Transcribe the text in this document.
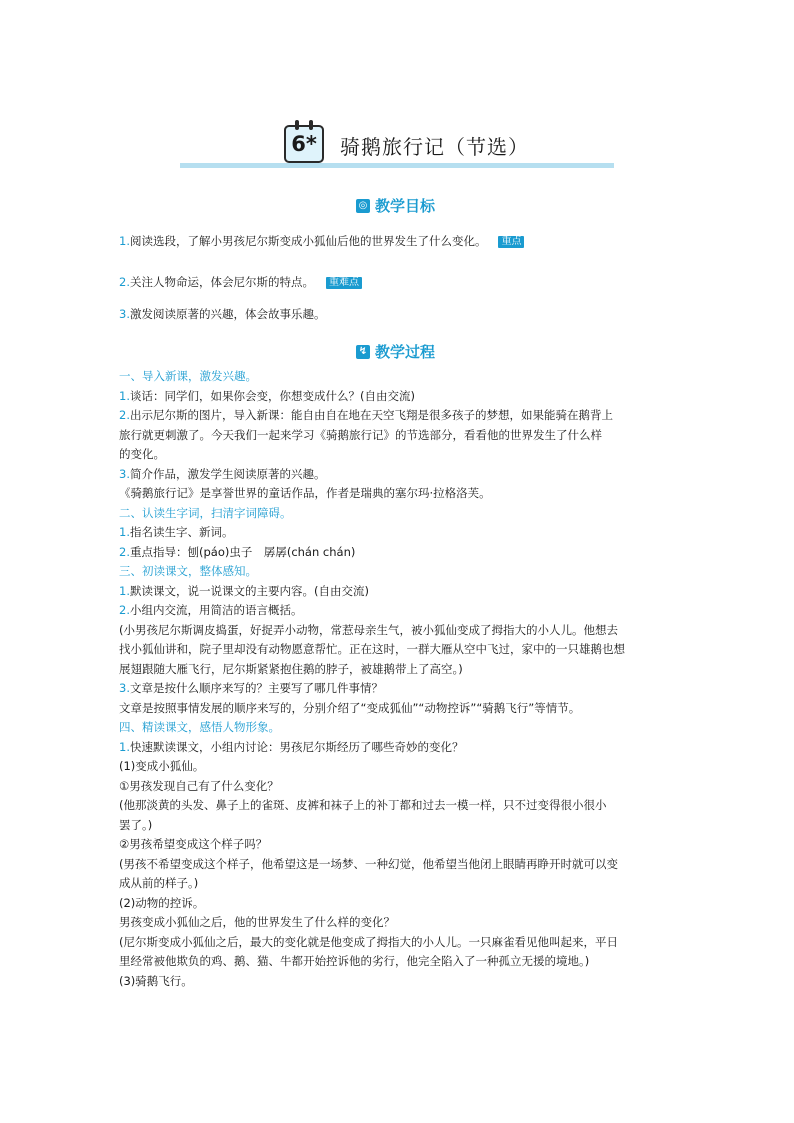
6* 骑鹅旅行记（节选）
◎ 教学目标
1.阅读选段，了解小男孩尼尔斯变成小狐仙后他的世界发生了什么变化。 重点
2.关注人物命运，体会尼尔斯的特点。 重难点
3.激发阅读原著的兴趣，体会故事乐趣。
↯ 教学过程
一、导入新课，激发兴趣。
1.谈话：同学们，如果你会变，你想变成什么？(自由交流)
2.出示尼尔斯的图片，导入新课：能自由自在地在天空飞翔是很多孩子的梦想，如果能骑在鹅背上
旅行就更刺激了。今天我们一起来学习《骑鹅旅行记》的节选部分，看看他的世界发生了什么样
的变化。
3.简介作品，激发学生阅读原著的兴趣。
《骑鹅旅行记》是享誉世界的童话作品，作者是瑞典的塞尔玛·拉格洛芙。
二、认读生字词，扫清字词障碍。
1.指名读生字、新词。
2.重点指导：刨(páo)虫子　孱孱(chán chán)
三、初读课文，整体感知。
1.默读课文，说一说课文的主要内容。(自由交流)
2.小组内交流，用简洁的语言概括。
(小男孩尼尔斯调皮捣蛋，好捉弄小动物，常惹母亲生气，被小狐仙变成了拇指大的小人儿。他想去
找小狐仙讲和，院子里却没有动物愿意帮忙。正在这时，一群大雁从空中飞过，家中的一只雄鹅也想
展翅跟随大雁飞行，尼尔斯紧紧抱住鹅的脖子，被雄鹅带上了高空。)
3.文章是按什么顺序来写的？主要写了哪几件事情？
文章是按照事情发展的顺序来写的，分别介绍了“变成狐仙”“动物控诉”“骑鹅飞行”等情节。
四、精读课文，感悟人物形象。
1.快速默读课文，小组内讨论：男孩尼尔斯经历了哪些奇妙的变化？
(1)变成小狐仙。
①男孩发现自己有了什么变化？
(他那淡黄的头发、鼻子上的雀斑、皮裤和袜子上的补丁都和过去一模一样，只不过变得很小很小
罢了。)
②男孩希望变成这个样子吗？
(男孩不希望变成这个样子，他希望这是一场梦、一种幻觉，他希望当他闭上眼睛再睁开时就可以变
成从前的样子。)
(2)动物的控诉。
男孩变成小狐仙之后，他的世界发生了什么样的变化？
(尼尔斯变成小狐仙之后，最大的变化就是他变成了拇指大的小人儿。一只麻雀看见他叫起来，平日
里经常被他欺负的鸡、鹅、猫、牛都开始控诉他的劣行，他完全陷入了一种孤立无援的境地。)
(3)骑鹅飞行。
